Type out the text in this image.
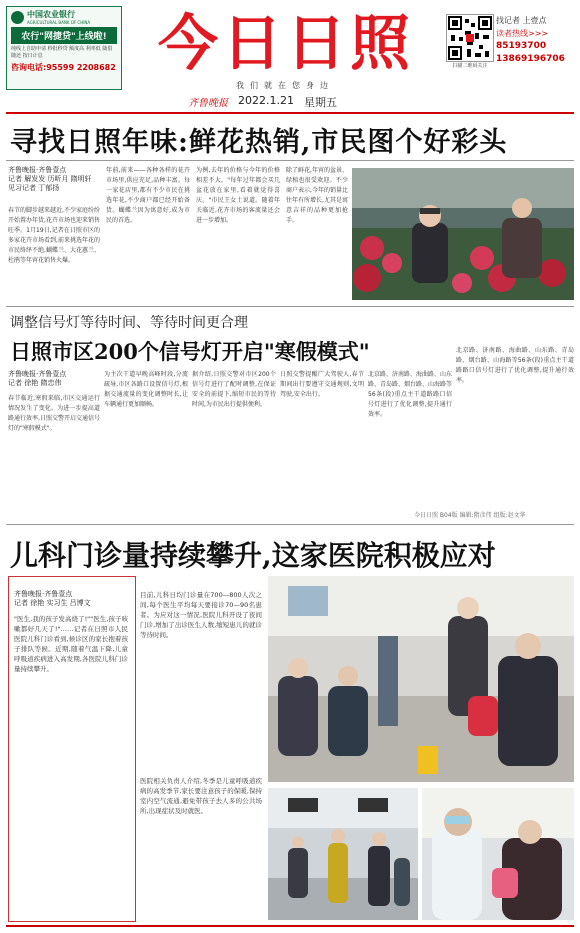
中国农业银行
AGRICULTURAL BANK OF CHINA
农行"网捷贷"上线啦!
纯线上自助申请 秒批秒贷 额度高 利率低 随借随还 按日计息
咨询电话:95599 2208682 今日日照
我们就在您身边
扫描二维码关注
找记者 上壹点
读者热线>>>
85193700
13869196706
齐鲁晚报 2022.1.21 星期五
寻找日照年味:鲜花热销,市民图个好彩头
齐鲁晚报·齐鲁壹点
记者 解发发 历昕月 隋明轩
见习记者 丁郁扬
春节的脚步越来越近,不少家庭纷纷开始置办年货,花卉市场也迎来销售旺季。1月19日,记者在日照市区的多家花卉市场看到,前来挑选年花的市民络绎不绝,蝴蝶兰、大花蕙兰、杜鹃等年宵花销售火爆。
年前,前来——各种各样的花卉市场里,供应充足,品种丰富。每一家花店里,都有不少市民在挑选年花,不少商户都已经开始备货。蝴蝶兰因为寓意好,成为市民的首选。
为例,去年的价格与今年的价格相差不大。"每年过年都会买几盆花放在家里,看着就觉得喜庆。"市民王女士说道。随着年关临近,花卉市场的客流量还会进一步增加。
除了鲜花,年宵的盆景、绿植也很受欢迎。不少商户表示,今年的销量比往年有所增长,尤其是寓意吉祥的品种更加抢手。
调整信号灯等待时间、等待时间更合理
日照市区200个信号灯开启"寒假模式"
齐鲁晚报·齐鲁壹点
记者 徐艳 隋忠伟
春节临近,寒假来临,市区交通运行情况发生了变化。为进一步提高道路通行效率,日照交警开启交通信号灯的"寒假模式"。
为主次干道早晚高峰时段,分流疏导,市区各路口设置信号灯,根据交通流量的变化调整时长,让车辆通行更加顺畅。
据介绍,日照交警对市区200个信号灯进行了配时调整,在保证安全的前提下,缩短市民的等待时间,为市民出行提供便利。
日照交警提醒广大驾驶人,春节期间出行要遵守交通规则,文明驾驶,安全出行。
北京路、济南路、海曲路、山东路、青岛路、烟台路、山海路等56条(段)重点主干道路路口信号灯进行了优化调整,提升通行效率。
北京路、济南路、海曲路、山东路、青岛路、烟台路、山海路等56条(段)重点主干道路路口信号灯进行了优化调整,提升通行效率。
今日日照 B04版 编辑:隋彦伟 组版:赵文华
儿科门诊量持续攀升,这家医院积极应对
齐鲁晚报·齐鲁壹点
记者 徐艳 实习生 吕博文
"医生,我的孩子发高烧了!""医生,孩子咳嗽都好几天了!"……记者在日照市人民医院儿科门诊看到,候诊区的家长抱着孩子排队等候。近期,随着气温下降,儿童呼吸道疾病进入高发期,各医院儿科门诊量持续攀升。
目前,儿科日均门诊量在700—800人次之间,每个医生平均每天要接诊70—90名患者。为应对这一情况,医院儿科开设了夜间门诊,增加了出诊医生人数,缩短患儿的就诊等待时间。
医院相关负责人介绍,冬季是儿童呼吸道疾病的高发季节,家长要注意孩子的保暖,保持室内空气流通,避免带孩子去人多的公共场所,出现症状及时就医。
